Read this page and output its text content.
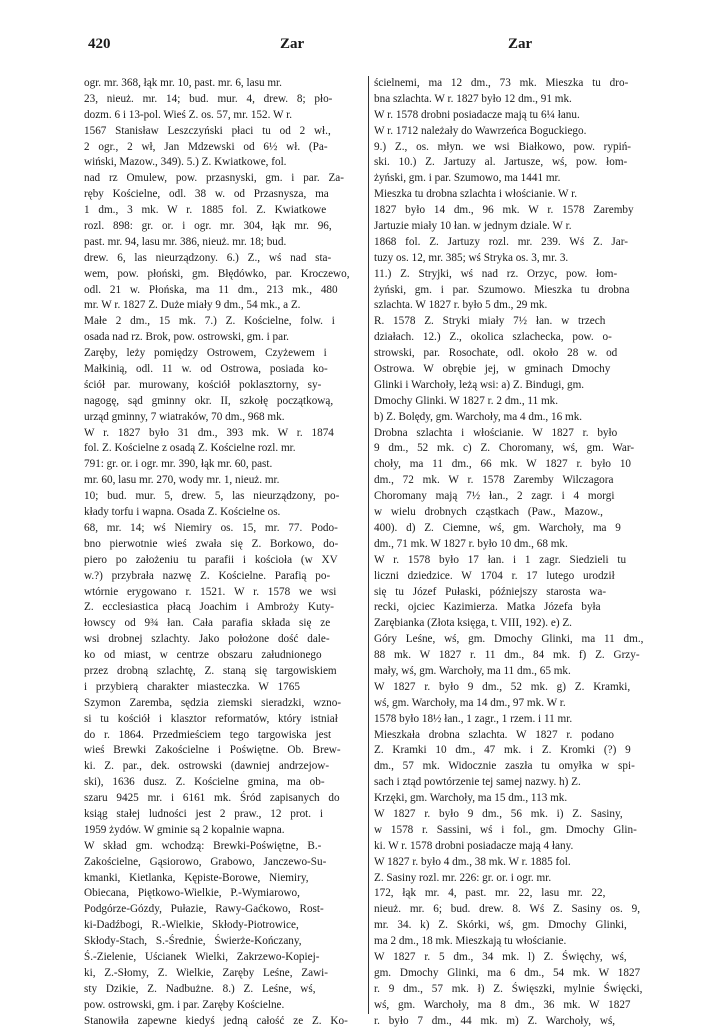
420	Zar	Zar
ogr. mr. 368, łąk mr. 10, past. mr. 6, lasu mr.
23, nieuż. mr. 14; bud. mur. 4, drew. 8; pło-
dozm. 6 i 13-pol. Wieś Z. os. 57, mr. 152. W r.
1567 Stanisław Leszczyński płaci tu od 2 wł.,
2 ogr., 2 wł, Jan Mdzewski od 6½ wł. (Pa-
wiński, Mazow., 349). 5.) Z. Kwiatkowe, fol.
nad rz Omulew, pow. przasnyski, gm. i par. Za-
ręby Kościelne, odl. 38 w. od Przasnysza, ma
1 dm., 3 mk. W r. 1885 fol. Z. Kwiatkowe
rozl. 898: gr. or. i ogr. mr. 304, łąk mr. 96,
past. mr. 94, lasu mr. 386, nieuż. mr. 18; bud.
drew. 6, las nieurządzony. 6.) Z., wś nad sta-
wem, pow. płoński, gm. Błędówko, par. Kroczewo,
odl. 21 w. Płońska, ma 11 dm., 213 mk., 480
mr. W r. 1827 Z. Duże miały 9 dm., 54 mk., a Z.
Małe 2 dm., 15 mk. 7.) Z. Kościelne, folw. i
osada nad rz. Brok, pow. ostrowski, gm. i par.
Zaręby, leży pomiędzy Ostrowem, Czyżewem i
Małkinią, odl. 11 w. od Ostrowa, posiada ko-
ściół par. murowany, kościół poklasztorny, sy-
nagogę, sąd gminny okr. II, szkołę początkową,
urząd gminny, 7 wiatraków, 70 dm., 968 mk.
W r. 1827 było 31 dm., 393 mk. W r. 1874
fol. Z. Kościelne z osadą Z. Kościelne rozl. mr.
791: gr. or. i ogr. mr. 390, łąk mr. 60, past.
mr. 60, lasu mr. 270, wody mr. 1, nieuż. mr.
10; bud. mur. 5, drew. 5, las nieurządzony, po-
kłady torfu i wapna. Osada Z. Kościelne os.
68, mr. 14; wś Niemiry os. 15, mr. 77. Podo-
bno pierwotnie wieś zwała się Z. Borkowo, do-
piero po założeniu tu parafii i kościoła (w XV
w.?) przybrała nazwę Z. Kościelne. Parafią po-
wtórnie erygowano r. 1521. W r. 1578 we wsi
Z. ecclesiastica płacą Joachim i Ambroży Kuty-
łowscy od 9¾ łan. Cała parafia składa się ze
wsi drobnej szlachty. Jako położone dość dale-
ko od miast, w centrze obszaru załudnionego
przez drobną szlachtę, Z. staną się targowiskiem
i przybierą charakter miasteczka. W 1765
Szymon Zaremba, sędzia ziemski sieradzki, wzno-
si tu kościół i klasztor reformatów, który istniał
do r. 1864. Przedmieściem tego targowiska jest
wieś Brewki Zakościelne i Poświętne. Ob. Brew-
ki. Z. par., dek. ostrowski (dawniej andrzejow-
ski), 1636 dusz. Z. Kościelne gmina, ma ob-
szaru 9425 mr. i 6161 mk. Śród zapisanych do
ksiąg stałej ludności jest 2 praw., 12 prot. i
1959 żydów. W gminie są 2 kopalnie wapna.
W skład gm. wchodzą: Brewki-Poświętne, B.-
Zakościelne, Gąsiorowo, Grabowo, Janczewo-Su-
kmanki, Kietlanka, Kępiste-Borowe, Niemiry,
Obiecana, Piętkowo-Wielkie, P.-Wymiarowo,
Podgórze-Gózdy, Pułazie, Rawy-Gaćkowo, Rost-
ki-Dadźbogi, R.-Wielkie, Skłody-Piotrowice,
Skłody-Stach, S.-Średnie, Świerże-Kończany,
Ś.-Zielenie, Uścianek Wielki, Zakrzewo-Kopiej-
ki, Z.-Słomy, Z. Wielkie, Zaręby Leśne, Zawi-
sty Dzikie, Z. Nadbużne. 8.) Z. Leśne, wś,
pow. ostrowski, gm. i par. Zaręby Kościelne.
Stanowiła zapewne kiedyś jedną całość ze Z. Ko-
ścielnemi, ma 12 dm., 73 mk. Mieszka tu dro-
bna szlachta. W r. 1827 było 12 dm., 91 mk.
W r. 1578 drobni posiadacze mają tu 6¼ łanu.
W r. 1712 należały do Wawrzeńca Boguckiego.
9.) Z., os. młyn. we wsi Białkowo, pow. rypiń-
ski. 10.) Z. Jartuzy al. Jartusze, wś, pow. łom-
żyński, gm. i par. Szumowo, ma 1441 mr.
Mieszka tu drobna szlachta i włościanie. W r.
1827 było 14 dm., 96 mk. W r. 1578 Zaremby
Jartuzie miały 10 łan. w jednym dziale. W r.
1868 fol. Z. Jartuzy rozl. mr. 239. Wś Z. Jar-
tuzy os. 12, mr. 385; wś Stryka os. 3, mr. 3.
11.) Z. Stryjki, wś nad rz. Orzyc, pow. łom-
żyński, gm. i par. Szumowo. Mieszka tu drobna
szlachta. W 1827 r. było 5 dm., 29 mk.
R. 1578 Z. Stryki miały 7½ łan. w trzech
działach. 12.) Z., okolica szlachecka, pow. o-
strowski, par. Rosochate, odl. około 28 w. od
Ostrowa. W obrębie jej, w gminach Dmochy
Glinki i Warchoły, leżą wsi: a) Z. Bindugi, gm.
Dmochy Glinki. W 1827 r. 2 dm., 11 mk.
b) Z. Bolędy, gm. Warchoły, ma 4 dm., 16 mk.
Drobna szlachta i włościanie. W 1827 r. było
9 dm., 52 mk. c) Z. Choromany, wś, gm. War-
choły, ma 11 dm., 66 mk. W 1827 r. było 10
dm., 72 mk. W r. 1578 Zaremby Wilczagora
Choromany mają 7½ łan., 2 zagr. i 4 morgi
w wielu drobnych cząstkach (Paw., Mazow.,
400). d) Z. Ciemne, wś, gm. Warchoły, ma 9
dm., 71 mk. W 1827 r. było 10 dm., 68 mk.
W r. 1578 było 17 łan. i 1 zagr. Siedzieli tu
liczni dziedzice. W 1704 r. 17 lutego urodził
się tu Józef Pułaski, późniejszy starosta wa-
recki, ojciec Kazimierza. Matka Józefa była
Zarębianka (Złota księga, t. VIII, 192). e) Z.
Góry Leśne, wś, gm. Dmochy Glinki, ma 11 dm.,
88 mk. W 1827 r. 11 dm., 84 mk. f) Z. Grzy-
mały, wś, gm. Warchoły, ma 11 dm., 65 mk.
W 1827 r. było 9 dm., 52 mk. g) Z. Kramki,
wś, gm. Warchoły, ma 14 dm., 97 mk. W r.
1578 było 18½ łan., 1 zagr., 1 rzem. i 11 mr.
Mieszkała drobna szlachta. W 1827 r. podano
Z. Kramki 10 dm., 47 mk. i Z. Kromki (?) 9
dm., 57 mk. Widocznie zaszła tu omyłka w spi-
sach i ztąd powtórzenie tej samej nazwy. h) Z.
Krzęki, gm. Warchoły, ma 15 dm., 113 mk.
W 1827 r. było 9 dm., 56 mk. i) Z. Sasiny,
w 1578 r. Sassini, wś i fol., gm. Dmochy Glin-
ki. W r. 1578 drobni posiadacze mają 4 łany.
W 1827 r. było 4 dm., 38 mk. W r. 1885 fol.
Z. Sasiny rozl. mr. 226: gr. or. i ogr. mr.
172, łąk mr. 4, past. mr. 22, lasu mr. 22,
nieuż. mr. 6; bud. drew. 8. Wś Z. Sasiny os. 9,
mr. 34. k) Z. Skórki, wś, gm. Dmochy Glinki,
ma 2 dm., 18 mk. Mieszkają tu włościanie.
W 1827 r. 5 dm., 34 mk. l) Z. Święchy, wś,
gm. Dmochy Glinki, ma 6 dm., 54 mk. W 1827
r. 9 dm., 57 mk. ł) Z. Święszki, mylnie Święcki,
wś, gm. Warchoły, ma 8 dm., 36 mk. W 1827
r. było 7 dm., 44 mk. m) Z. Warchoły, wś,
